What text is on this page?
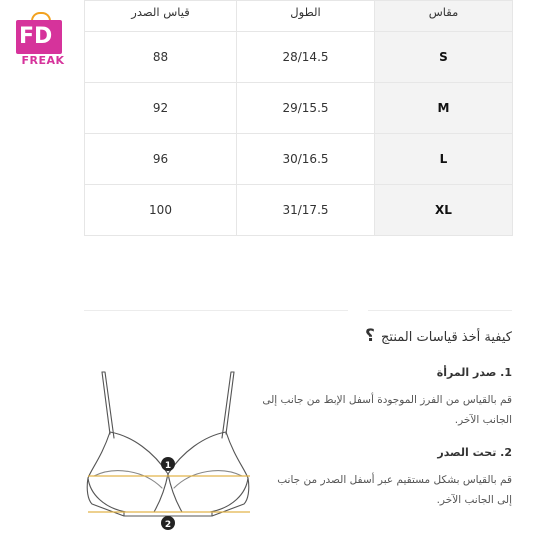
FD
FREAK
قياس الصدر	الطول	مقاس
88	28/14.5	S
92	29/15.5	M
96	30/16.5	L
100	31/17.5	XL
كيفية أخذ قياسات المنتج ؟
1. صدر المرأة
قم بالقياس من الفرز الموجودة أسفل الإبط من جانب إلى الجانب الآخر.
2. تحت الصدر
قم بالقياس بشكل مستقيم عبر أسفل الصدر من جانب إلى الجانب الآخر.
1
2
